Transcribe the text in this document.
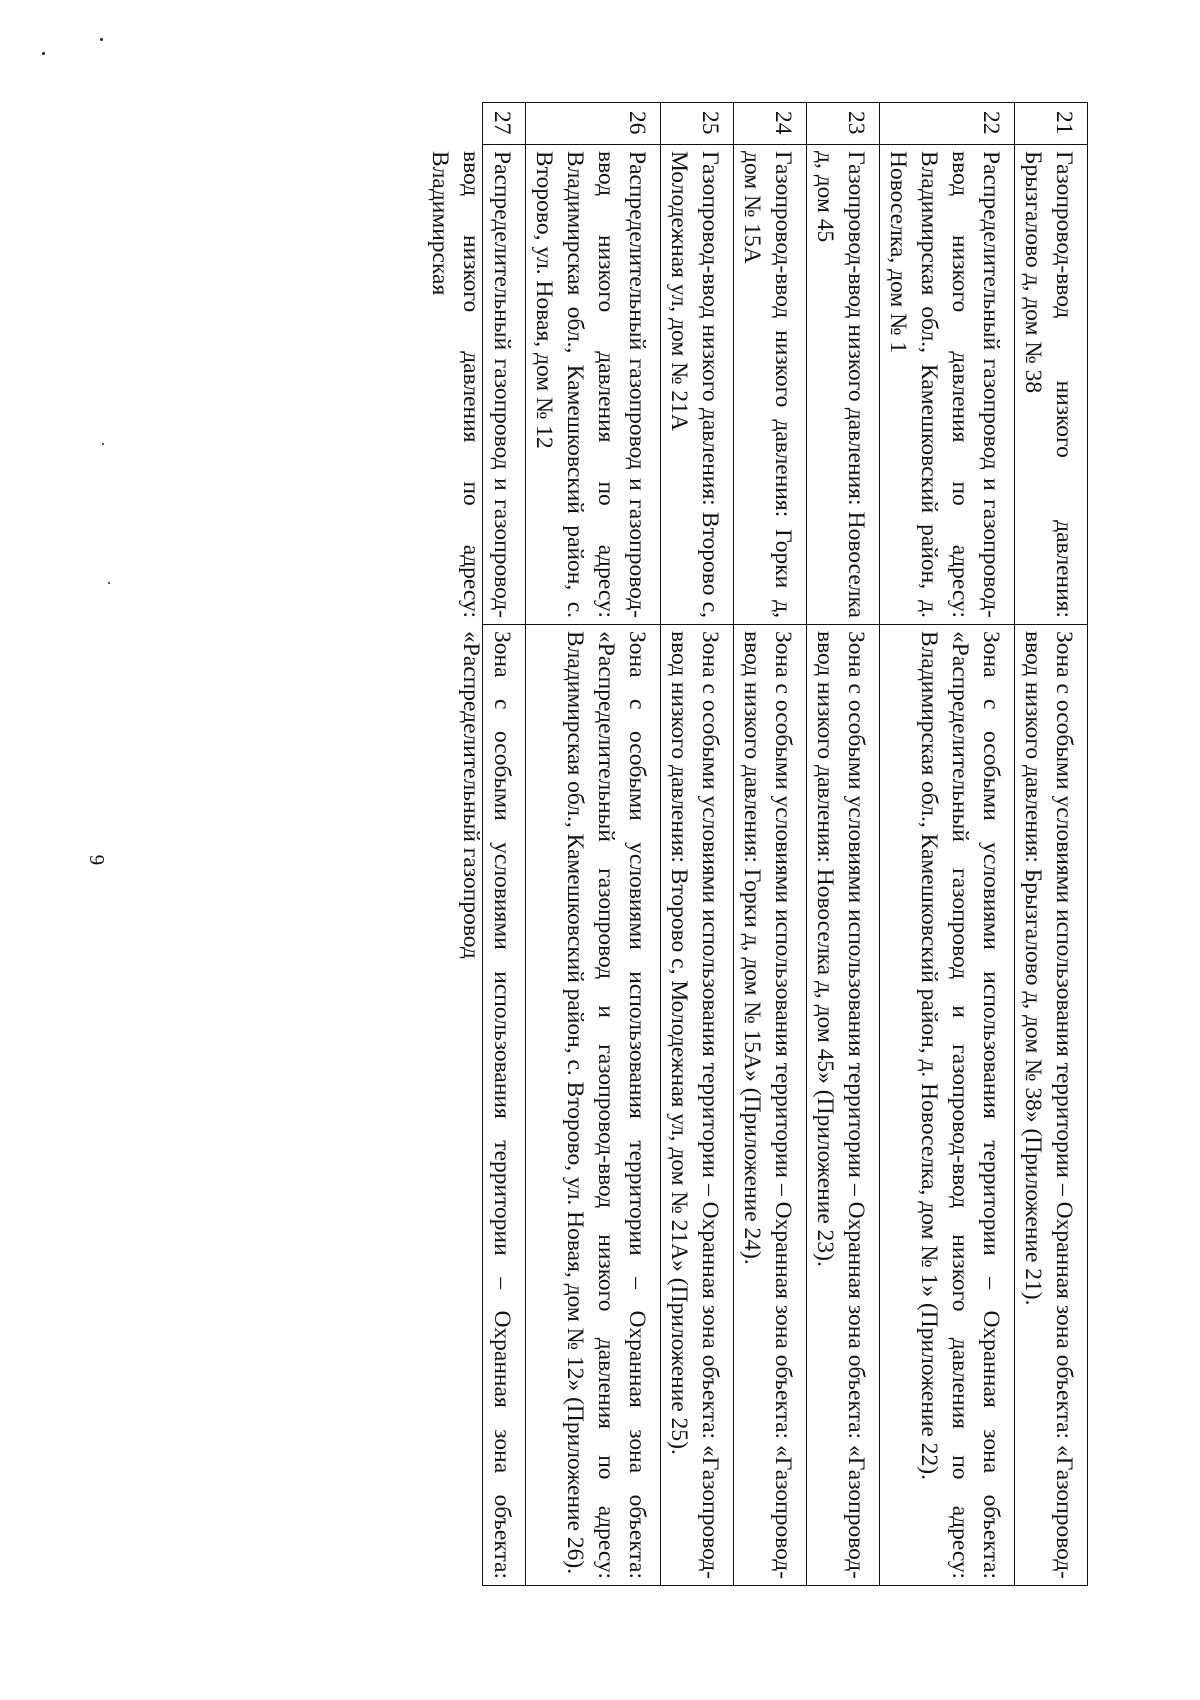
6
21	Газопровод-ввод низкого давления: Брызгалово д, дом № 38	Зона с особыми условиями использования территории – Охранная зона объекта: «Газопровод-ввод низкого давления: Брызгалово д, дом № 38» (Приложение 21).
22	Распределительный газопровод и газопровод-ввод низкого давления по адресу: Владимирская обл., Камешковский район, д. Новоселка, дом № 1	Зона с особыми условиями использования территории – Охранная зона объекта: «Распределительный газопровод и газопровод-ввод низкого давления по адресу: Владимирская обл., Камешковский район, д. Новоселка, дом № 1» (Приложение 22).
23	Газопровод-ввод низкого давления: Новоселка д, дом 45	Зона с особыми условиями использования территории – Охранная зона объекта: «Газопровод-ввод низкого давления: Новоселка д, дом 45» (Приложение 23).
24	Газопровод-ввод низкого давления: Горки д, дом № 15А	Зона с особыми условиями использования территории – Охранная зона объекта: «Газопровод-ввод низкого давления: Горки д, дом № 15А» (Приложение 24).
25	Газопровод-ввод низкого давления: Второво с, Молодежная ул, дом № 21А	Зона с особыми условиями использования территории – Охранная зона объекта: «Газопровод-ввод низкого давления: Второво с, Молодежная ул, дом № 21А» (Приложение 25).
26	Распределительный газопровод и газопровод-ввод низкого давления по адресу: Владимирская обл., Камешковский район, с. Второво, ул. Новая, дом № 12	Зона с особыми условиями использования территории – Охранная зона объекта: «Распределительный газопровод и газопровод-ввод низкого давления по адресу: Владимирская обл., Камешковский район, с. Второво, ул. Новая, дом № 12» (Приложение 26).

27	Распределительный газопровод и газопровод-ввод низкого давления по адресу: Владимирская	Зона с особыми условиями использования территории – Охранная зона объекта: «Распределительный газопровод
